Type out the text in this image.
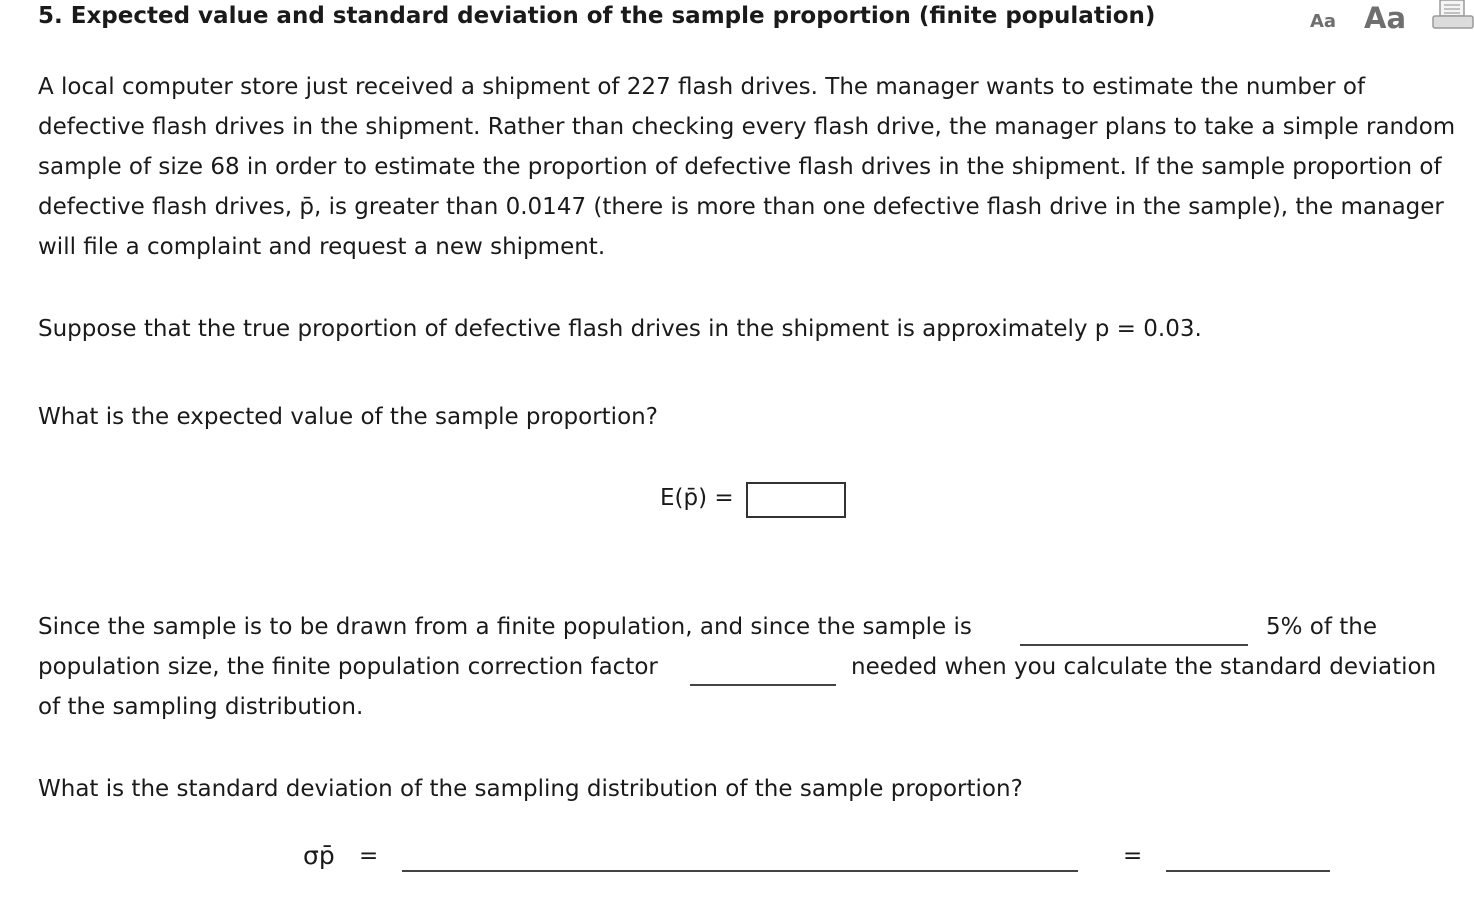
5. Expected value and standard deviation of the sample proportion (finite population)	Aa Aa
A local computer store just received a shipment of 227 flash drives. The manager wants to estimate the number of defective flash drives in the shipment. Rather than checking every flash drive, the manager plans to take a simple random sample of size 68 in order to estimate the proportion of defective flash drives in the shipment. If the sample proportion of defective flash drives, p̄, is greater than 0.0147 (there is more than one defective flash drive in the sample), the manager will file a complaint and request a new shipment.
Suppose that the true proportion of defective flash drives in the shipment is approximately p = 0.03.
What is the expected value of the sample proportion?
E(p̄) =
Since the sample is to be drawn from a finite population, and since the sample is	5% of the
population size, the finite population correction factor	needed when you calculate the standard deviation
of the sampling distribution.
What is the standard deviation of the sampling distribution of the sample proportion?
σp̄ =	=
